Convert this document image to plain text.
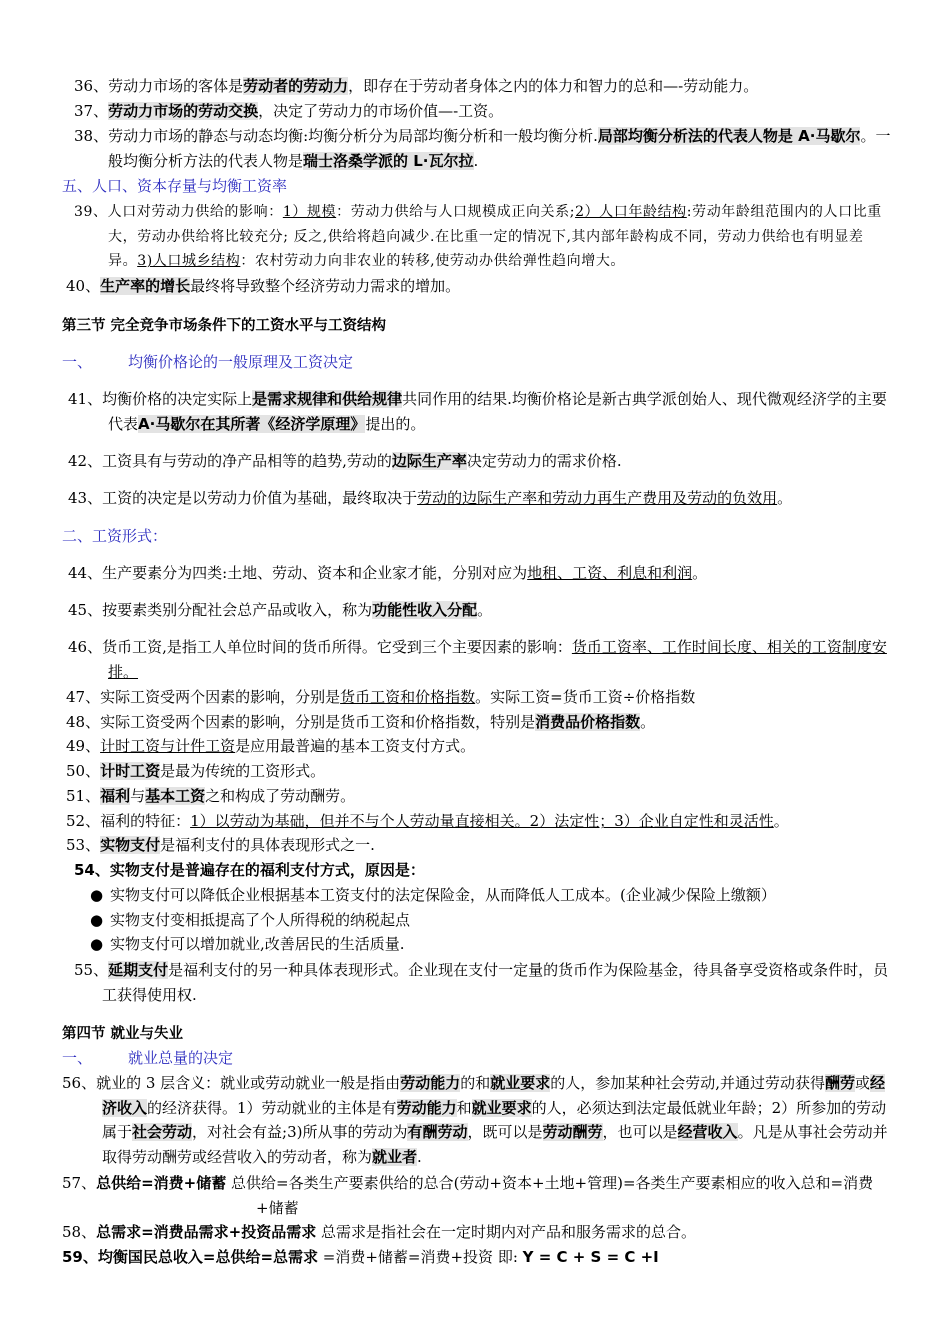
36、劳动力市场的客体是劳动者的劳动力，即存在于劳动者身体之内的体力和智力的总和—-劳动能力。
37、劳动力市场的劳动交换，决定了劳动力的市场价值—-工资。
38、劳动力市场的静态与动态均衡:均衡分析分为局部均衡分析和一般均衡分析.局部均衡分析法的代表人物是 A·马歇尔。一般均衡分析方法的代表人物是瑞士洛桑学派的 L·瓦尔拉.
五、人口、资本存量与均衡工资率
39、人口对劳动力供给的影响：1）规模：劳动力供给与人口规模成正向关系;2）人口年龄结构:劳动年龄组范围内的人口比重大，劳动办供给将比较充分; 反之,供给将趋向减少.在比重一定的情况下,其内部年龄构成不同，劳动力供给也有明显差异。3)人口城乡结构：农村劳动力向非农业的转移,使劳动办供给弹性趋向增大。
40、生产率的增长最终将导致整个经济劳动力需求的增加。
第三节 完全竞争市场条件下的工资水平与工资结构
一、 均衡价格论的一般原理及工资决定
41、均衡价格的决定实际上是需求规律和供给规律共同作用的结果.均衡价格论是新古典学派创始人、现代微观经济学的主要代表A·马歇尔在其所著《经济学原理》提出的。
42、工资具有与劳动的净产品相等的趋势,劳动的边际生产率决定劳动力的需求价格.
43、工资的决定是以劳动力价值为基础，最终取决于劳动的边际生产率和劳动力再生产费用及劳动的负效用。
二、工资形式：
44、生产要素分为四类:土地、劳动、资本和企业家才能，分别对应为地租、工资、利息和利润。
45、按要素类别分配社会总产品或收入，称为功能性收入分配。
46、货币工资,是指工人单位时间的货币所得。它受到三个主要因素的影响：货币工资率、工作时间长度、相关的工资制度安排。
47、实际工资受两个因素的影响，分别是货币工资和价格指数。实际工资=货币工资÷价格指数
48、实际工资受两个因素的影响，分别是货币工资和价格指数，特别是消费品价格指数。
49、计时工资与计件工资是应用最普遍的基本工资支付方式。
50、计时工资是最为传统的工资形式。
51、福利与基本工资之和构成了劳动酬劳。
52、福利的特征：1）以劳动为基础，但并不与个人劳动量直接相关。2）法定性；3）企业自定性和灵活性。
53、实物支付是福利支付的具体表现形式之一.
54、实物支付是普遍存在的福利支付方式，原因是：
● 实物支付可以降低企业根据基本工资支付的法定保险金，从而降低人工成本。(企业减少保险上缴额）
● 实物支付变相抵提高了个人所得税的纳税起点
● 实物支付可以增加就业,改善居民的生活质量.
55、延期支付是福利支付的另一种具体表现形式。企业现在支付一定量的货币作为保险基金，待具备享受资格或条件时，员工获得使用权.
第四节 就业与失业
一、 就业总量的决定
56、就业的 3 层含义：就业或劳动就业一般是指由劳动能力的和就业要求的人，参加某种社会劳动,并通过劳动获得酬劳或经济收入的经济获得。1）劳动就业的主体是有劳动能力和就业要求的人，必须达到法定最低就业年龄；2）所参加的劳动属于社会劳动，对社会有益;3)所从事的劳动为有酬劳动，既可以是劳动酬劳，也可以是经营收入。凡是从事社会劳动并取得劳动酬劳或经营收入的劳动者，称为就业者.
57、总供给=消费+储蓄 总供给=各类生产要素供给的总合(劳动+资本+土地+管理)=各类生产要素相应的收入总和=消费+储蓄
58、总需求=消费品需求+投资品需求 总需求是指社会在一定时期内对产品和服务需求的总合。
59、均衡国民总收入=总供给=总需求 =消费+储蓄=消费+投资 即: Y = C + S = C +I
